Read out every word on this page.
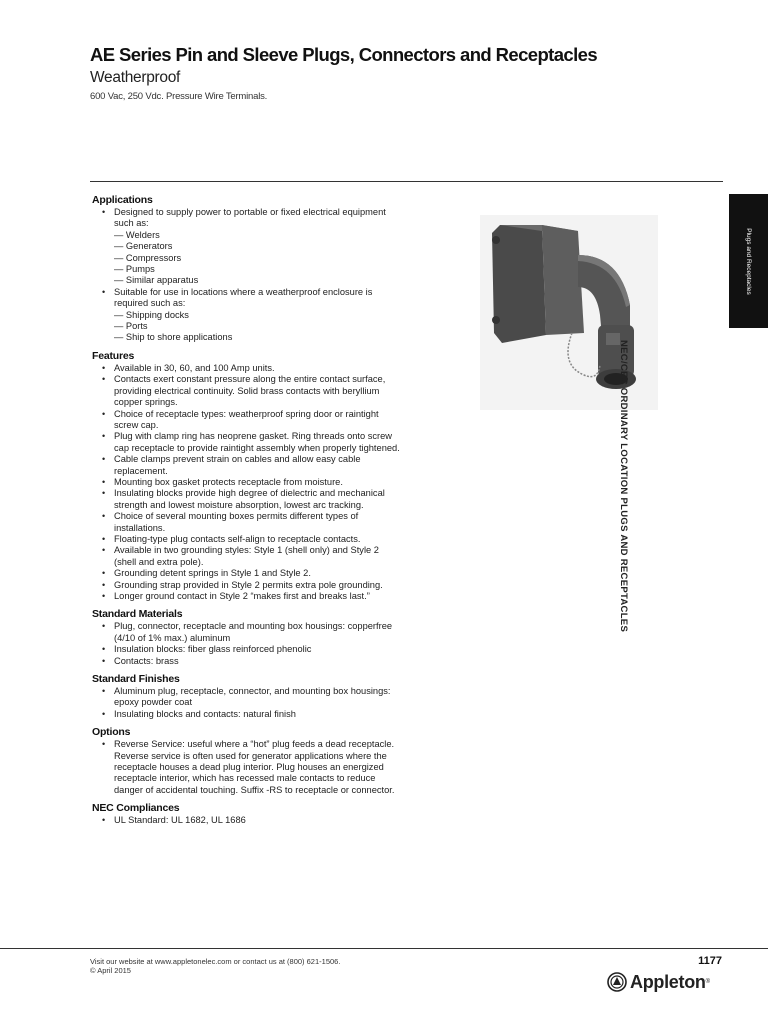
AE Series Pin and Sleeve Plugs, Connectors and Receptacles
Weatherproof
600 Vac, 250 Vdc. Pressure Wire Terminals.
Applications
• Designed to supply power to portable or fixed electrical equipment such as:
— Welders
— Generators
— Compressors
— Pumps
— Similar apparatus
• Suitable for use in locations where a weatherproof enclosure is required such as:
— Shipping docks
— Ports
— Ship to shore applications
Features
• Available in 30, 60, and 100 Amp units.
• Contacts exert constant pressure along the entire contact surface, providing electrical continuity. Solid brass contacts with beryllium copper springs.
• Choice of receptacle types: weatherproof spring door or raintight screw cap.
• Plug with clamp ring has neoprene gasket. Ring threads onto screw cap receptacle to provide raintight assembly when properly tightened.
• Cable clamps prevent strain on cables and allow easy cable replacement.
• Mounting box gasket protects receptacle from moisture.
• Insulating blocks provide high degree of dielectric and mechanical strength and lowest moisture absorption, lowest arc tracking.
• Choice of several mounting boxes permits different types of installations.
• Floating-type plug contacts self-align to receptacle contacts.
• Available in two grounding styles: Style 1 (shell only) and Style 2 (shell and extra pole).
• Grounding detent springs in Style 1 and Style 2.
• Grounding strap provided in Style 2 permits extra pole grounding.
• Longer ground contact in Style 2 “makes first and breaks last.”
Standard Materials
• Plug, connector, receptacle and mounting box housings: copperfree (4/10 of 1% max.) aluminum
• Insulation blocks: fiber glass reinforced phenolic
• Contacts: brass
Standard Finishes
• Aluminum plug, receptacle, connector, and mounting box housings: epoxy powder coat
• Insulating blocks and contacts: natural finish
Options
• Reverse Service: useful where a “hot” plug feeds a dead receptacle. Reverse service is often used for generator applications where the receptacle houses a dead plug interior. Plug houses an energized receptacle interior, which has recessed male contacts to reduce danger of accidental touching. Suffix -RS to receptacle or connector.
NEC Compliances
• UL Standard: UL 1682, UL 1686
Plugs and Receptacles
NEC/CEC ORDINARY LOCATION PLUGS AND RECEPTACLES
Visit our website at www.appletonelec.com or contact us at (800) 621-1506.
© April 2015
1177
Appleton ®
